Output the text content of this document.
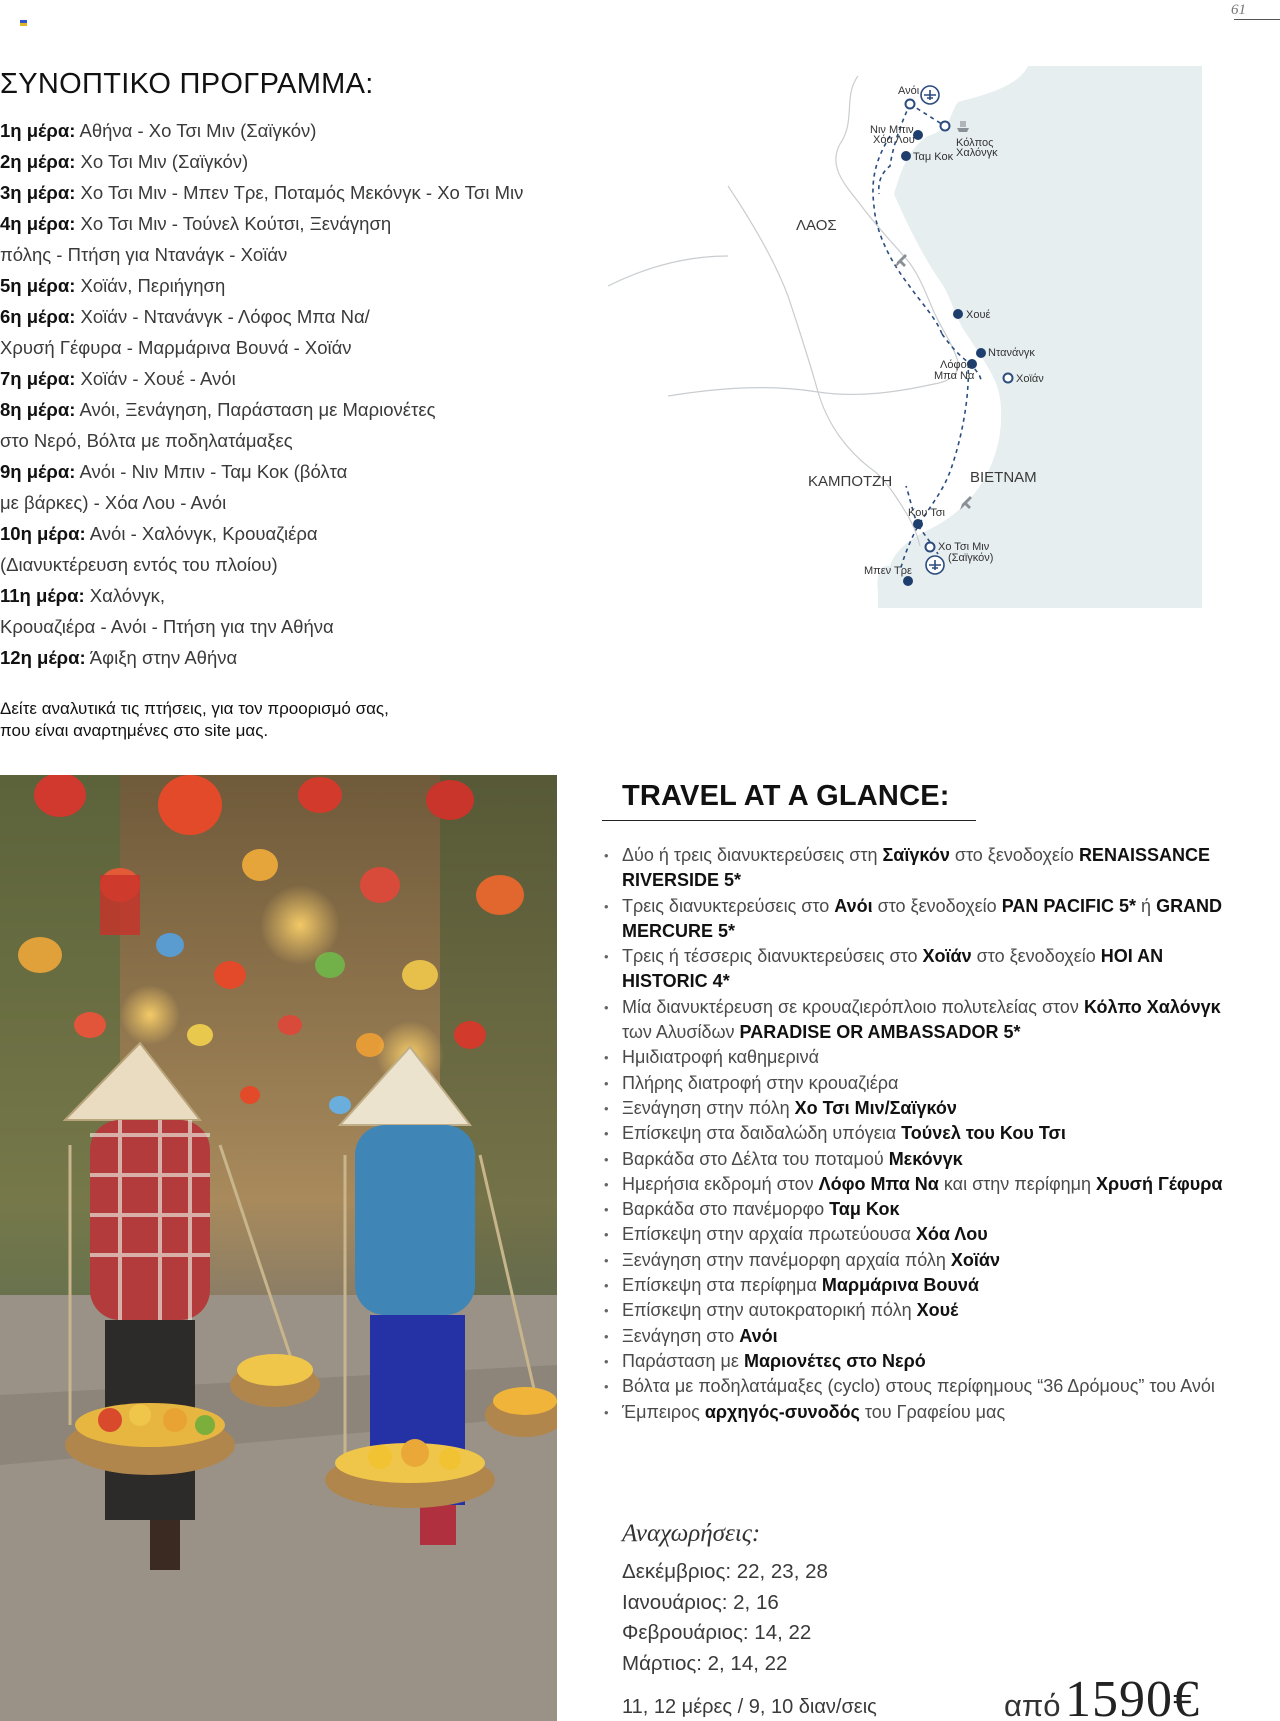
61
ΣΥΝΟΠΤΙΚΟ ΠΡΟΓΡΑΜΜΑ:
1η μέρα: Αθήνα - Χο Τσι Μιν (Σαϊγκόν)
2η μέρα: Χο Τσι Μιν (Σαϊγκόν)
3η μέρα: Χο Τσι Μιν - Μπεν Τρε, Ποταμός Μεκόνγκ - Χο Τσι Μιν
4η μέρα: Χο Τσι Μιν - Τούνελ Κούτσι, Ξενάγηση
πόλης - Πτήση για Ντανάγκ - Χοϊάν
5η μέρα: Χοϊάν, Περιήγηση
6η μέρα: Χοϊάν - Ντανάνγκ - Λόφος Μπα Να/
Χρυσή Γέφυρα - Μαρμάρινα Βουνά - Χοϊάν
7η μέρα: Χοϊάν - Χουέ - Ανόι
8η μέρα: Ανόι, Ξενάγηση, Παράσταση με Μαριονέτες
στο Νερό, Βόλτα με ποδηλατάμαξες
9η μέρα: Ανόι - Νιν Μπιν - Ταμ Κοκ (βόλτα
με βάρκες) - Χόα Λου - Ανόι
10η μέρα: Ανόι - Χαλόνγκ, Κρουαζιέρα
(Διανυκτέρευση εντός του πλοίου)
11η μέρα: Χαλόνγκ,
Κρουαζιέρα - Ανόι - Πτήση για την Αθήνα
12η μέρα: Άφιξη στην Αθήνα

Δείτε αναλυτικά τις πτήσεις, για τον προορισμό σας,

που είναι αναρτημένες στο site μας.

Ανόι
Νιν Μπιν
Χόα Λου	Κόλπος
Χαλόνγκ
Ταμ Κοκ
Χουέ
Ντανάνγκ
Λόφοι
Μπα Να	Χοϊάν
Κου Τσι
Χο Τσι Μιν
(Σαϊγκόν)
Μπεν Τρε
ΛΑΟΣ
ΚΑΜΠΟΤΖΗ	ΒΙΕΤΝΑΜ
TRAVEL AT A GLANCE:
• Δύο ή τρεις διανυκτερεύσεις στη Σαϊγκόν στο ξενοδοχείο RENAISSANCE RIVERSIDE 5*
• Τρεις διανυκτερεύσεις στο Ανόι στο ξενοδοχείο PAN PACIFIC 5* ή GRAND MERCURE 5*
• Τρεις ή τέσσερις διανυκτερεύσεις στο Χοϊάν στο ξενοδοχείο HOI AN HISTORIC 4*
• Μία διανυκτέρευση σε κρουαζιερόπλοιο πολυτελείας στον Κόλπο Χαλόνγκ των Αλυσίδων PARADISE OR AMBASSADOR 5*
• Ημιδιατροφή καθημερινά
• Πλήρης διατροφή στην κρουαζιέρα
• Ξενάγηση στην πόλη Χο Τσι Μιν/Σαϊγκόν
• Επίσκεψη στα δαιδαλώδη υπόγεια Τούνελ του Κου Τσι
• Βαρκάδα στο Δέλτα του ποταμού Μεκόνγκ
• Ημερήσια εκδρομή στον Λόφο Μπα Να και στην περίφημη Χρυσή Γέφυρα
• Βαρκάδα στο πανέμορφο Ταμ Κοκ
• Επίσκεψη στην αρχαία πρωτεύουσα Χόα Λου
• Ξενάγηση στην πανέμορφη αρχαία πόλη Χοϊάν
• Επίσκεψη στα περίφημα Μαρμάρινα Βουνά
• Επίσκεψη στην αυτοκρατορική πόλη Χουέ
• Ξενάγηση στο Ανόι
• Παράσταση με Μαριονέτες στο Νερό
• Βόλτα με ποδηλατάμαξες (cyclo) στους περίφημους “36 Δρόμους” του Ανόι
• Έμπειρος αρχηγός-συνοδός του Γραφείου μας
Αναχωρήσεις:
Δεκέμβριος: 22, 23, 28
Ιανουάριος: 2, 16
Φεβρουάριος: 14, 22
Μάρτιος: 2, 14, 22
11, 12 μέρες / 9, 10 διαν/σεις	από 1590€
